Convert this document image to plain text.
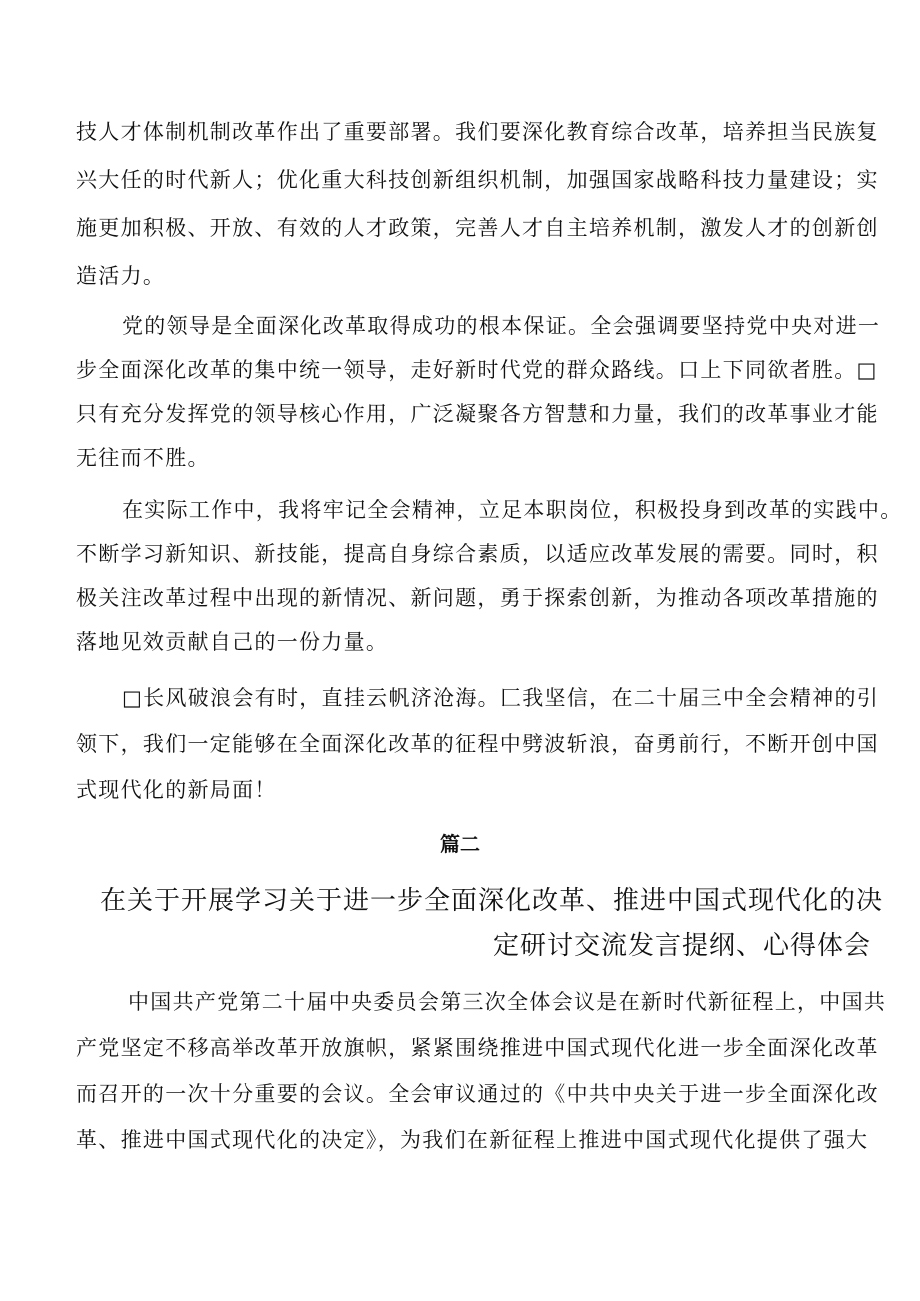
技人才体制机制改革作出了重要部署。我们要深化教育综合改革，培养担当民族复
兴大任的时代新人；优化重大科技创新组织机制，加强国家战略科技力量建设；实
施更加积极、开放、有效的人才政策，完善人才自主培养机制，激发人才的创新创
造活力。
党的领导是全面深化改革取得成功的根本保证。全会强调要坚持党中央对进一
步全面深化改革的集中统一领导，走好新时代党的群众路线。口上下同欲者胜。□
只有充分发挥党的领导核心作用，广泛凝聚各方智慧和力量，我们的改革事业才能
无往而不胜。
在实际工作中，我将牢记全会精神，立足本职岗位，积极投身到改革的实践中。
不断学习新知识、新技能，提高自身综合素质，以适应改革发展的需要。同时，积
极关注改革过程中出现的新情况、新问题，勇于探索创新，为推动各项改革措施的
落地见效贡献自己的一份力量。
□长风破浪会有时，直挂云帆济沧海。匚我坚信，在二十届三中全会精神的引
领下，我们一定能够在全面深化改革的征程中劈波斩浪，奋勇前行，不断开创中国
式现代化的新局面！
篇二
在关于开展学习关于进一步全面深化改革、推进中国式现代化的决
定研讨交流发言提纲、心得体会
中国共产党第二十届中央委员会第三次全体会议是在新时代新征程上，中国共
产党坚定不移高举改革开放旗帜，紧紧围绕推进中国式现代化进一步全面深化改革
而召开的一次十分重要的会议。全会审议通过的《中共中央关于进一步全面深化改
革、推进中国式现代化的决定》，为我们在新征程上推进中国式现代化提供了强大
